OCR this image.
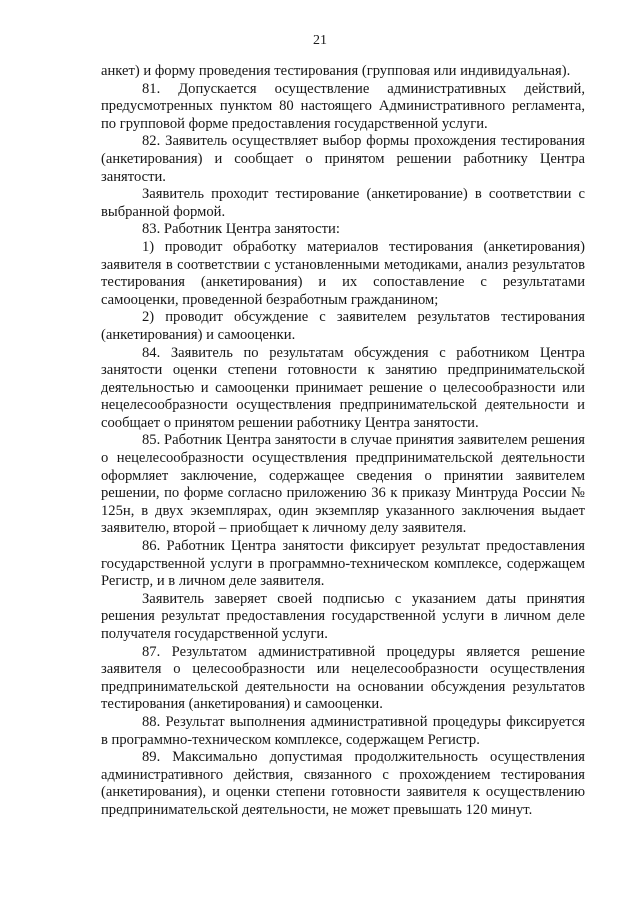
21

анкет) и форму проведения тестирования (групповая или индивидуальная).

81. Допускается осуществление административных действий, предусмотренных пунктом 80 настоящего Административного регламента, по групповой форме предоставления государственной услуги.

82. Заявитель осуществляет выбор формы прохождения тестирования (анкетирования) и сообщает о принятом решении работнику Центра занятости.

Заявитель проходит тестирование (анкетирование) в соответствии с выбранной формой.

83. Работник Центра занятости:

1) проводит обработку материалов тестирования (анкетирования) заявителя в соответствии с установленными методиками, анализ результатов тестирования (анкетирования) и их сопоставление с результатами самооценки, проведенной безработным гражданином;

2) проводит обсуждение с заявителем результатов тестирования (анкетирования) и самооценки.

84. Заявитель по результатам обсуждения с работником Центра занятости оценки степени готовности к занятию предпринимательской деятельностью и самооценки принимает решение о целесообразности или нецелесообразности осуществления предпринимательской деятельности и сообщает о принятом решении работнику Центра занятости.

85. Работник Центра занятости в случае принятия заявителем решения о нецелесообразности осуществления предпринимательской деятельности оформляет заключение, содержащее сведения о принятии заявителем решении, по форме согласно приложению 36 к приказу Минтруда России № 125н, в двух экземплярах, один экземпляр указанного заключения выдает заявителю, второй – приобщает к личному делу заявителя.

86. Работник Центра занятости фиксирует результат предоставления государственной услуги в программно-техническом комплексе, содержащем Регистр, и в личном деле заявителя.

Заявитель заверяет своей подписью с указанием даты принятия решения результат предоставления государственной услуги в личном деле получателя государственной услуги.

87. Результатом административной процедуры является решение заявителя о целесообразности или нецелесообразности осуществления предпринимательской деятельности на основании обсуждения результатов тестирования (анкетирования) и самооценки.

88. Результат выполнения административной процедуры фиксируется в программно-техническом комплексе, содержащем Регистр.

89. Максимально допустимая продолжительность осуществления административного действия, связанного с прохождением тестирования (анкетирования), и оценки степени готовности заявителя к осуществлению предпринимательской деятельности, не может превышать 120 минут.
